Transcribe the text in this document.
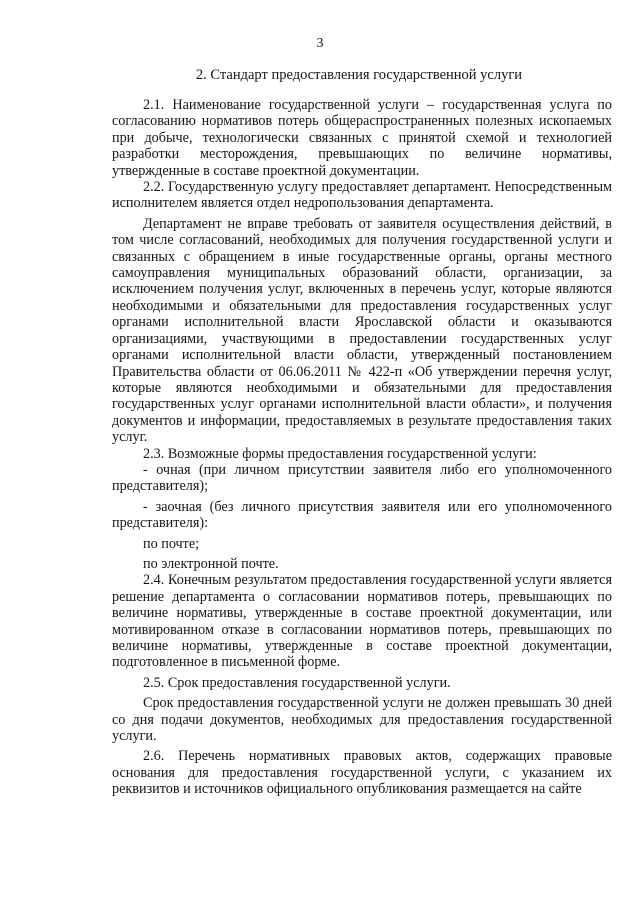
3
2. Стандарт предоставления государственной услуги

2.1. Наименование государственной услуги – государственная услуга по согласованию нормативов потерь общераспространенных полезных ископаемых при добыче, технологически связанных с принятой схемой и технологией разработки месторождения, превышающих по величине нормативы, утвержденные в составе проектной документации.

2.2. Государственную услугу предоставляет департамент. Непосредственным исполнителем является отдел недропользования департамента.

Департамент не вправе требовать от заявителя осуществления действий, в том числе согласований, необходимых для получения государственной услуги и связанных с обращением в иные государственные органы, органы местного самоуправления муниципальных образований области, организации, за исключением получения услуг, включенных в перечень услуг, которые являются необходимыми и обязательными для предоставления государственных услуг органами исполнительной власти Ярославской области и оказываются организациями, участвующими в предоставлении государственных услуг органами исполнительной власти области, утвержденный постановлением Правительства области от 06.06.2011 № 422-п «Об утверждении перечня услуг, которые являются необходимыми и обязательными для предоставления государственных услуг органами исполнительной власти области», и получения документов и информации, предоставляемых в результате предоставления таких услуг.

2.3. Возможные формы предоставления государственной услуги:

- очная (при личном присутствии заявителя либо его уполномоченного представителя);

- заочная (без личного присутствия заявителя или его уполномоченного представителя):

по почте;

по электронной почте.

2.4. Конечным результатом предоставления государственной услуги является решение департамента о согласовании нормативов потерь, превышающих по величине нормативы, утвержденные в составе проектной документации, или мотивированном отказе в согласовании нормативов потерь, превышающих по величине нормативы, утвержденные в составе проектной документации, подготовленное в письменной форме.

2.5. Срок предоставления государственной услуги.

Срок предоставления государственной услуги не должен превышать 30 дней со дня подачи документов, необходимых для предоставления государственной услуги.

2.6. Перечень нормативных правовых актов, содержащих правовые основания для предоставления государственной услуги, с указанием их реквизитов и источников официального опубликования размещается на сайте
